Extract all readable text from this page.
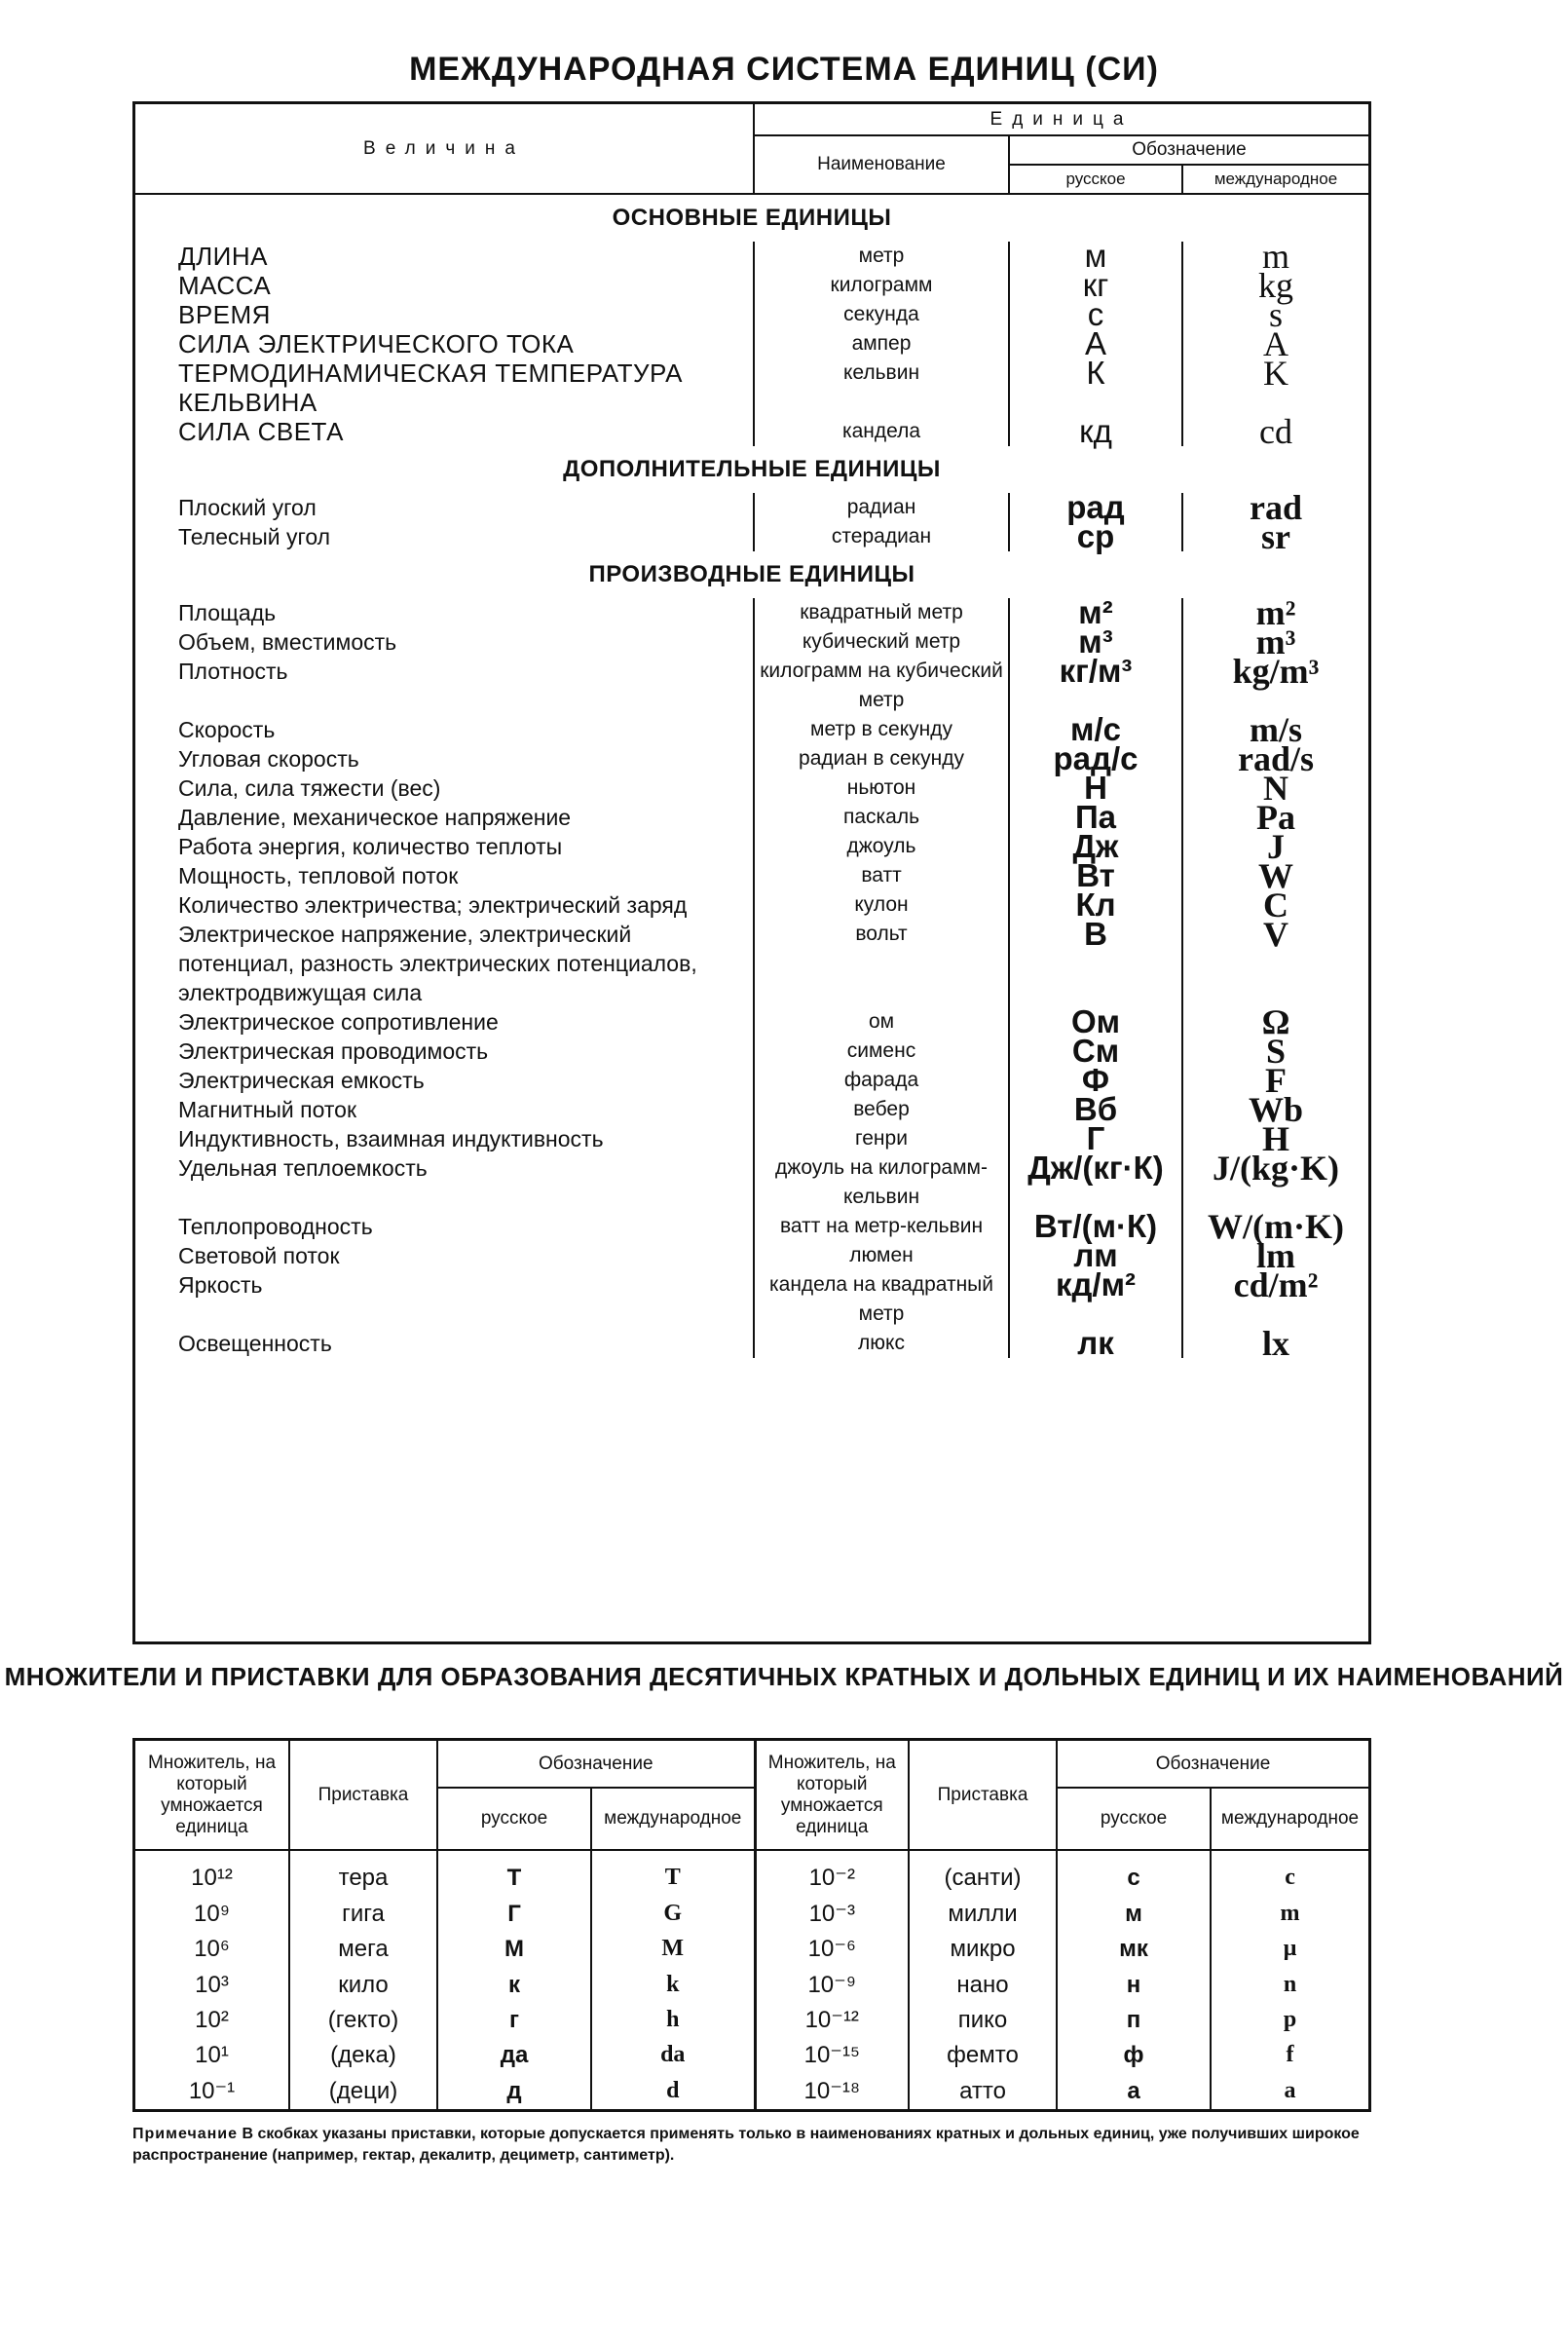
МЕЖДУНАРОДНАЯ СИСТЕМА ЕДИНИЦ (СИ)
Величина	Единица		
	Наименование	Обозначение	
		русское	международное
ОСНОВНЫЕ ЕДИНИЦЫ			
ДЛИНА	метр	м	m
МАССА	килограмм	кг	kg
ВРЕМЯ	секунда	с	s
СИЛА ЭЛЕКТРИЧЕСКОГО ТОКА	ампер	А	A
ТЕРМОДИНАМИЧЕСКАЯ ТЕМПЕРАТУРА КЕЛЬВИНА	кельвин	К	K
СИЛА СВЕТА	кандела	кд	cd
ДОПОЛНИТЕЛЬНЫЕ ЕДИНИЦЫ			
Плоский угол	радиан	рад	rad
Телесный угол	стерадиан	ср	sr
ПРОИЗВОДНЫЕ ЕДИНИЦЫ			
Площадь	квадратный метр	м²	m²
Объем, вместимость	кубический метр	м³	m³
Плотность	килограмм на кубический метр	кг/м³	kg/m³
Скорость	метр в секунду	м/с	m/s
Угловая скорость	радиан в секунду	рад/с	rad/s
Сила, сила тяжести (вес)	ньютон	Н	N
Давление, механическое напряжение	паскаль	Па	Pa
Работа энергия, количество теплоты	джоуль	Дж	J
Мощность, тепловой поток	ватт	Вт	W
Количество электричества; электрический заряд	кулон	Кл	C
Электрическое напряжение, электрический потенциал, разность электрических потенциалов, электродвижущая сила	вольт	В	V
Электрическое сопротивление	ом	Ом	Ω
Электрическая проводимость	сименс	См	S
Электрическая емкость	фарада	Ф	F
Магнитный поток	вебер	Вб	Wb
Индуктивность, взаимная индуктивность	генри	Г	H
Удельная теплоемкость	джоуль на килограмм-кельвин	Дж/(кг·К)	J/(kg·K)
Теплопроводность	ватт на метр-кельвин	Вт/(м·К)	W/(m·K)
Световой поток	люмен	лм	lm
Яркость	кандела на квадратный метр	кд/м²	cd/m²
Освещенность	люкс	лк	lx

МНОЖИТЕЛИ И ПРИСТАВКИ ДЛЯ ОБРАЗОВАНИЯ ДЕСЯТИЧНЫХ КРАТНЫХ И ДОЛЬНЫХ ЕДИНИЦ И ИХ НАИМЕНОВАНИЙ
Множитель, на который умножается единица	Приставка	Обозначение		Множитель, на который умножается единица	Приставка	Обозначение	
		русское	международное			русское	международное
10¹²	тера	Т	T	10⁻²	(санти)	с	c
10⁹	гига	Г	G	10⁻³	милли	м	m
10⁶	мега	М	M	10⁻⁶	микро	мк	μ
10³	кило	к	k	10⁻⁹	нано	н	n
10²	(гекто)	г	h	10⁻¹²	пико	п	p
10¹	(дека)	да	da	10⁻¹⁵	фемто	ф	f
10⁻¹	(деци)	д	d	10⁻¹⁸	атто	а	a
Примечание В скобках указаны приставки, которые допускается применять только в наименованиях кратных и дольных единиц, уже получивших широкое распространение (например, гектар, декалитр, дециметр, сантиметр).
